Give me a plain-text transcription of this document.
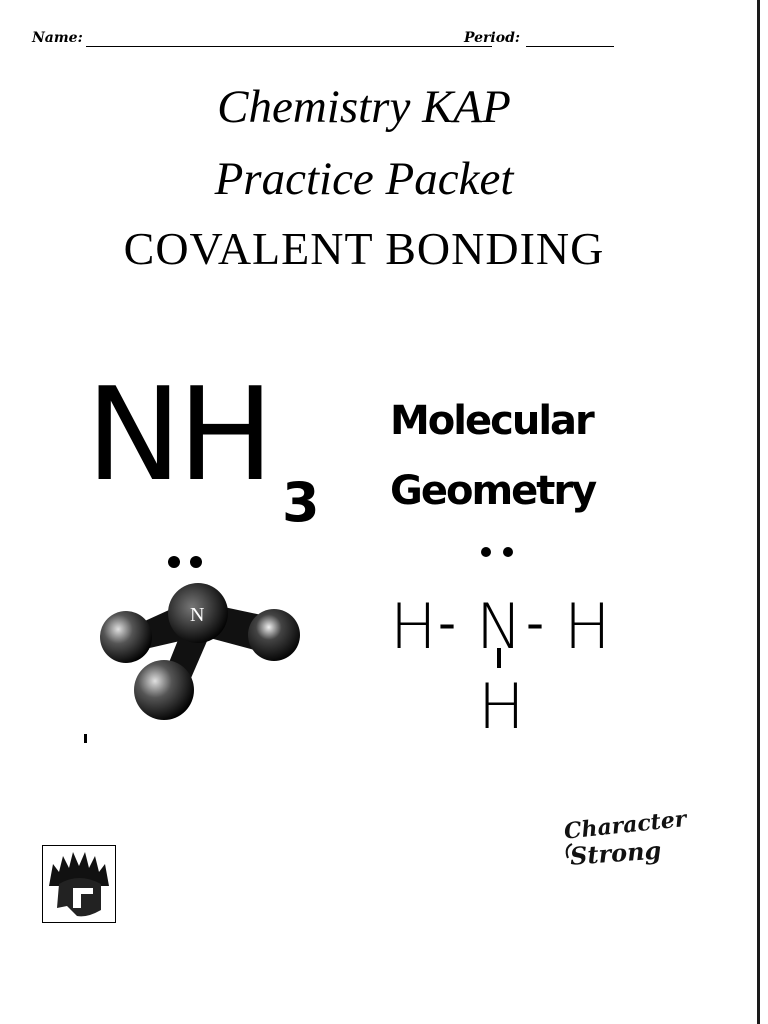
Name:	Period:
Chemistry KAP
Practice Packet
COVALENT BONDING
NH 3
Molecular
Geometry
N	H - N - H
H
Character
Strong
